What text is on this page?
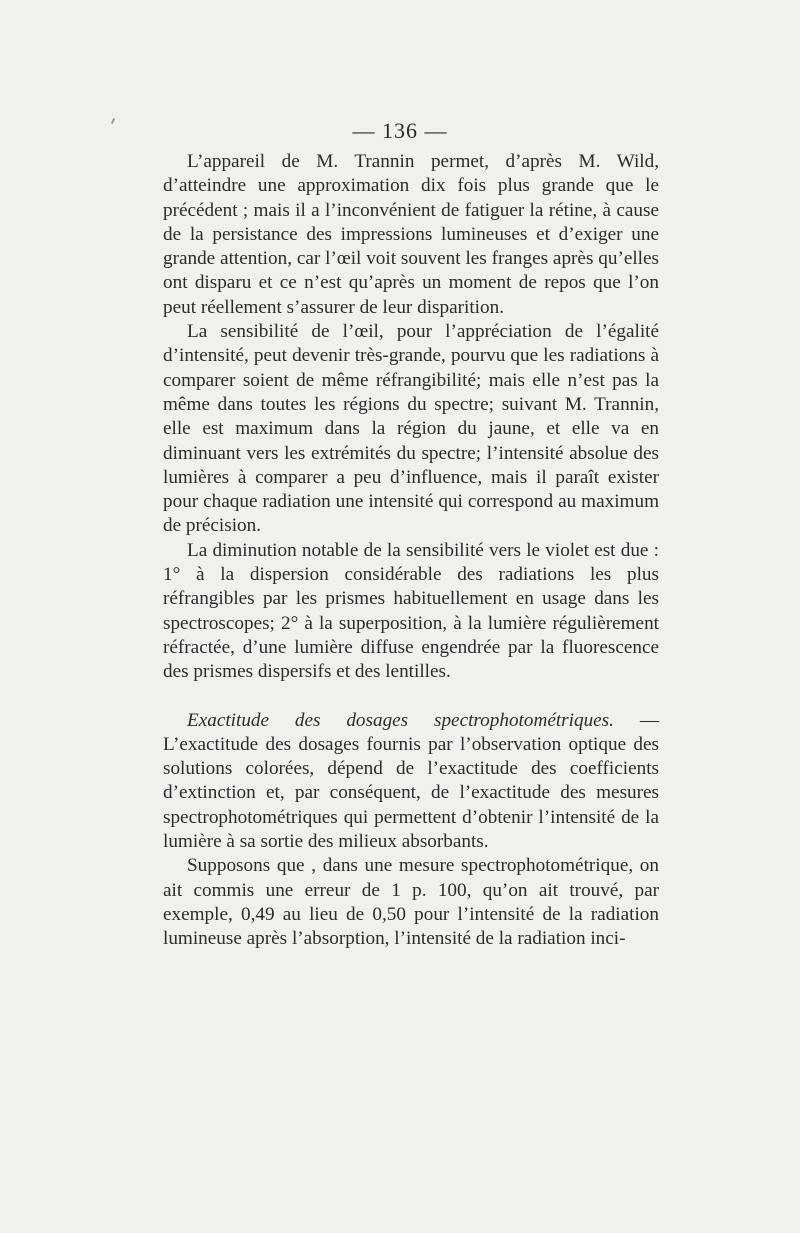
— 136 —

L’appareil de M. Trannin permet, d’après M. Wild, d’atteindre une approximation dix fois plus grande que le précédent ; mais il a l’inconvénient de fatiguer la rétine, à cause de la persistance des impressions lumineuses et d’exiger une grande attention, car l’œil voit souvent les franges après qu’elles ont disparu et ce n’est qu’après un moment de repos que l’on peut réellement s’assurer de leur disparition.

La sensibilité de l’œil, pour l’appréciation de l’égalité d’intensité, peut devenir très-grande, pourvu que les radiations à comparer soient de même réfrangibilité; mais elle n’est pas la même dans toutes les régions du spectre; suivant M. Trannin, elle est maximum dans la région du jaune, et elle va en diminuant vers les extrémités du spectre; l’intensité absolue des lumières à comparer a peu d’influence, mais il paraît exister pour chaque radiation une intensité qui correspond au maximum de précision.

La diminution notable de la sensibilité vers le violet est due : 1° à la dispersion considérable des radiations les plus réfrangibles par les prismes habituellement en usage dans les spectroscopes; 2° à la superposition, à la lumière régulièrement réfractée, d’une lumière diffuse engendrée par la fluorescence des prismes dispersifs et des lentilles.

Exactitude des dosages spectrophotométriques. — L’exactitude des dosages fournis par l’observation optique des solutions colorées, dépend de l’exactitude des coefficients d’extinction et, par conséquent, de l’exactitude des mesures spectrophotométriques qui permettent d’obtenir l’intensité de la lumière à sa sortie des milieux absorbants.

Supposons que , dans une mesure spectrophotométrique, on ait commis une erreur de 1 p. 100, qu’on ait trouvé, par exemple, 0,49 au lieu de 0,50 pour l’intensité de la radiation lumineuse après l’absorption, l’intensité de la radiation inci-
